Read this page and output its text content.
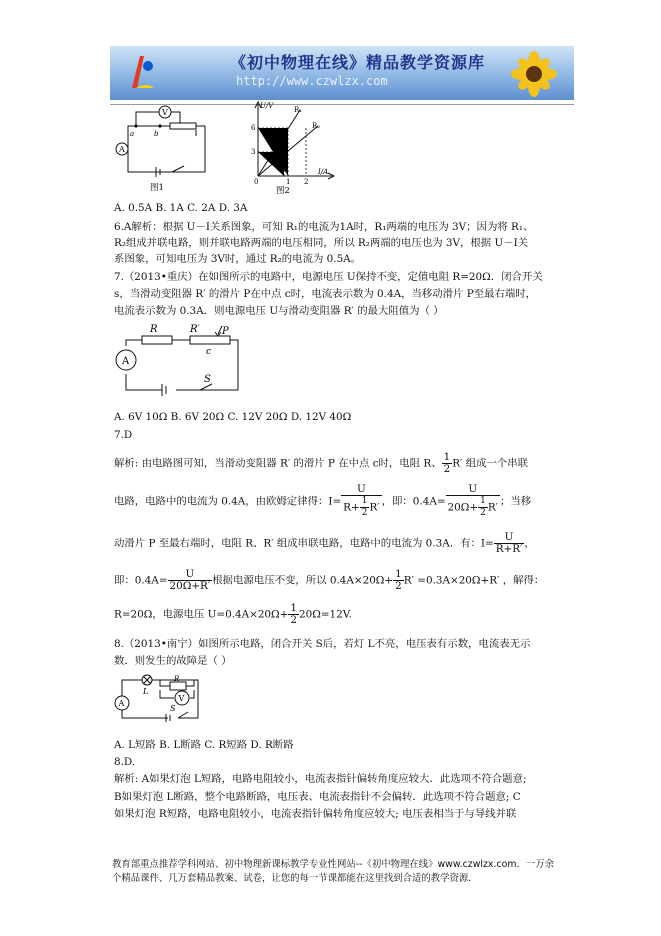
《初中物理在线》精品教学资源库
http://www.czwlzx.com
A
V
a	b
图1
U/V
I/A
R₁
R₂
6
3
0	1 2
图2
A. 0.5A B. 1A C. 2A D. 3A
6.A解析：根据 U－I关系图象，可知 R₁的电流为1A时，R₁两端的电压为 3V；因为将 R₁、
R₂组成并联电路，则并联电路两端的电压相同，所以 R₂两端的电压也为 3V，根据 U－I关
系图象，可知电压为 3V时，通过 R₂的电流为 0.5A。
7.（2013•重庆）在如图所示的电路中，电源电压 U保持不变，定值电阻 R=20Ω．闭合开关
s，当滑动变阻器 R′ 的滑片 P在中点 c时，电流表示数为 0.4A，当移动滑片 P至最右端时，
电流表示数为 0.3A．则电源电压 U与滑动变阻器 R′ 的最大阻值为（ ）
A
R	R′ P
c
S
A. 6V 10Ω B. 6V 20Ω C. 12V 20Ω D. 12V 40Ω
7.D
解析: 由电路图可知，当滑动变阻器 R′ 的滑片 P 在中点 c时，电阻 R、 $\frac{1}{2} R'$ 组成一个串联
电路，电路中的电流为 0.4A，由欧姆定律得：$I= \frac{U}{R+ \frac{1}{2} R'}$ ，即：$0.4A= \frac{U}{20\Omega+ \frac{1}{2} R'}$ ；当移
动滑片 P 至最右端时，电阻 R、R′ 组成串联电路，电路中的电流为 0.3A．有：$I= \frac{U}{R+R'}$ ，
即：$0.4A= \frac{U}{20\Omega+R'}$ 根据电源电压不变，所以 $0.4A\times 20\Omega+ \frac{1}{2} R' =0.3A\times 20\Omega+R'$ ，解得：
R=20Ω，电源电压 $U=0.4A\times 20\Omega+ \frac{1}{2} 20\Omega=12V$.
8.（2013•南宁）如图所示电路，闭合开关 S后，若灯 L不亮，电压表有示数，电流表无示
数．则发生的故障是（ ）
A
V
L
R
S
A. L短路 B. L断路 C. R短路 D. R断路
8.D.
解析: A如果灯泡 L短路，电路电阻较小，电流表指针偏转角度应较大．此选项不符合题意;
B如果灯泡 L断路，整个电路断路，电压表、电流表指针不会偏转．此选项不符合题意; C
如果灯泡 R短路，电路电阻较小，电流表指针偏转角度应较大; 电压表相当于与导线并联
教育部重点推荐学科网站、初中物理新课标教学专业性网站--《初中物理在线》www.czwlzx.com．一万余
个精品课件、几万套精品教案、试卷，让您的每一节课都能在这里找到合适的教学资源．
